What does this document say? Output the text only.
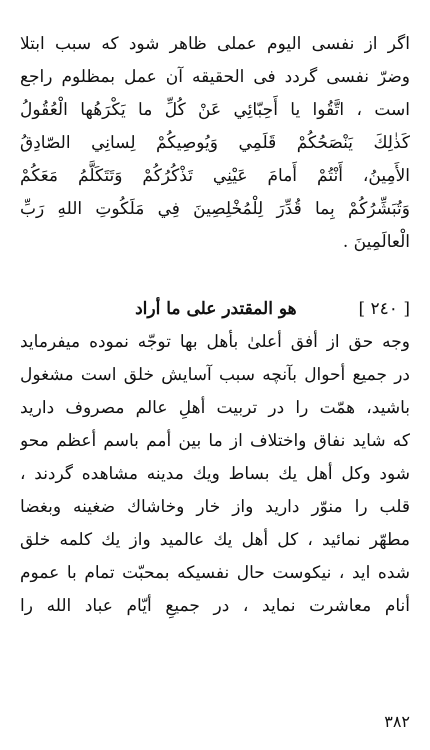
اگر از نفسى اليوم عملى ظاهر شود كه سبب ابتلا
وضرّ نفسى گردد فى الحقيقه آن عمل بمظلوم راجع
است ، اتَّقُوا يا أَحِبّائِي عَنْ كُلِّ ما يَكْرَهُها الْعُقُولُ
كَذٰلِكَ يَنْصَحُكُمْ قَلَمِي وَيُوصِيكُمْ لِسانِي الصّادِقُ
الأَمِينُ، أَنْتُمْ أَمامَ عَيْنِي تَذْكُرُكُمْ وَتَتَكَلَّمُ مَعَكُمْ
وَتُبَشِّرُكُمْ بِما قُدِّرَ لِلْمُخْلِصِينَ فِي مَلَكُوتِ اللهِ رَبِّ
الْعالَمِينَ .
[ ٢٤٠ ] هو المقتدر على ما أراد
وجه حق از أفق أعلىٰ بأهل بها توجّه نموده ميفرمايد
در جميع أحوال بآنچه سبب آسايش خلق است مشغول
باشيد، همّت را در تربيت أهلِ عالم مصروف داريد
كه شايد نفاق واختلاف از ما بين أمم باسم أعظم محو
شود وكل أهل يك بساط ويك مدينه مشاهده گردند ،
قلب را منوّر داريد واز خار وخاشاك ضغينه وبغضا
مطهّر نمائيد ، كل أهل يك عالميد واز يك كلمه خلق
شده ايد ، نيكوست حال نفسيكه بمحبّت تمام با عموم
أنام معاشرت نمايد ، در جميعِ أيّام عباد الله را
٣٨٢
